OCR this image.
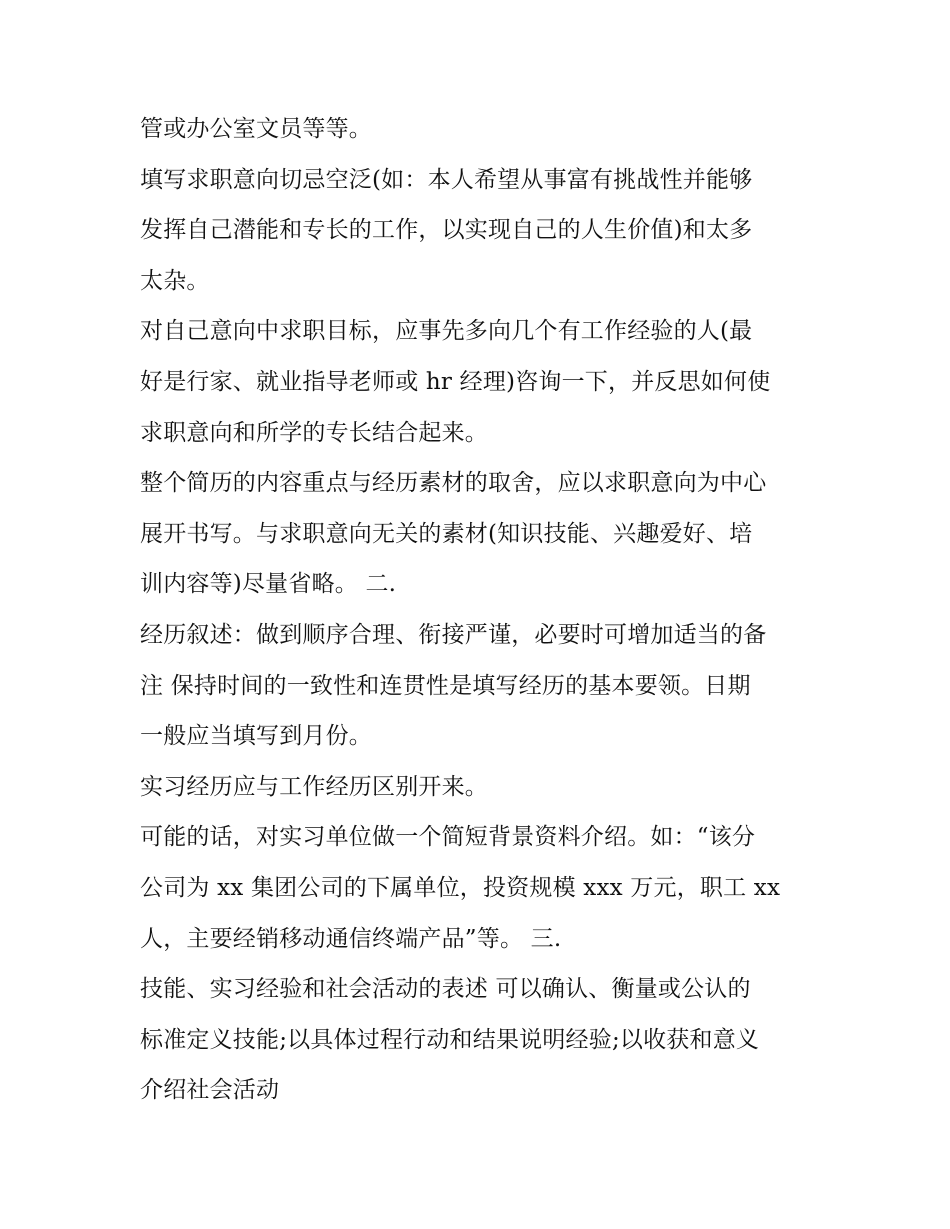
管或办公室文员等等。
填写求职意向切忌空泛(如：本人希望从事富有挑战性并能够
发挥自己潜能和专长的工作，以实现自己的人生价值)和太多
太杂。
对自己意向中求职目标，应事先多向几个有工作经验的人(最
好是行家、就业指导老师或 hr 经理)咨询一下，并反思如何使
求职意向和所学的专长结合起来。
整个简历的内容重点与经历素材的取舍，应以求职意向为中心
展开书写。与求职意向无关的素材(知识技能、兴趣爱好、培
训内容等)尽量省略。 二.
经历叙述：做到顺序合理、衔接严谨，必要时可增加适当的备
注 保持时间的一致性和连贯性是填写经历的基本要领。日期
一般应当填写到月份。
实习经历应与工作经历区别开来。
可能的话，对实习单位做一个简短背景资料介绍。如：“该分
公司为 xx 集团公司的下属单位，投资规模 xxx 万元，职工 xx
人，主要经销移动通信终端产品”等。 三.
技能、实习经验和社会活动的表述 可以确认、衡量或公认的
标准定义技能;以具体过程行动和结果说明经验;以收获和意义
介绍社会活动
